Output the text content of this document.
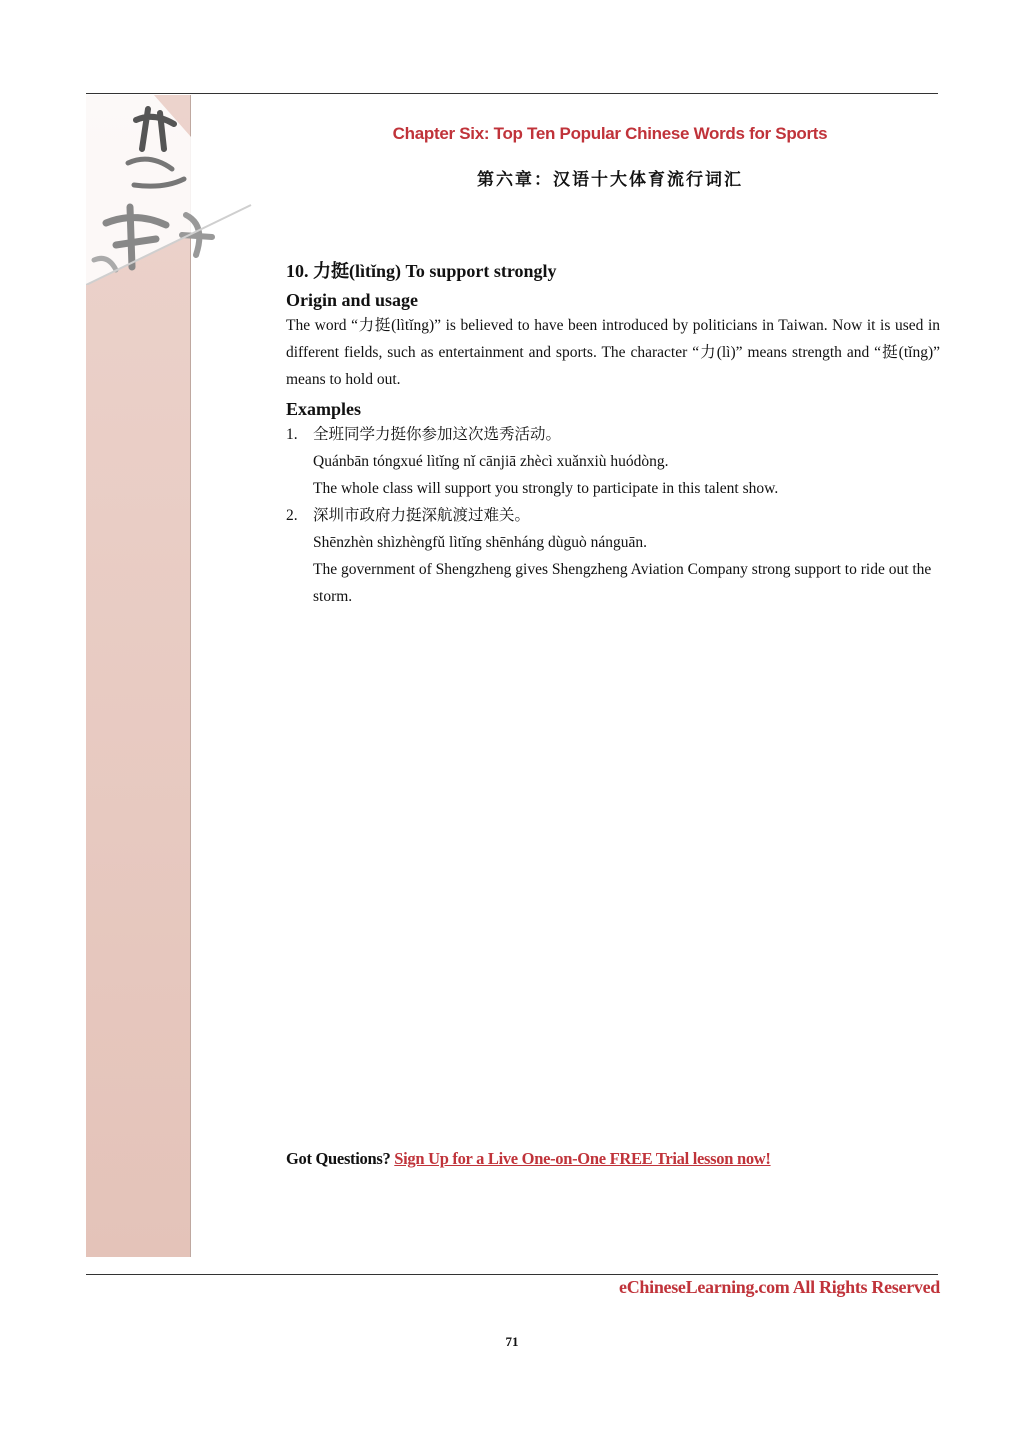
Chapter Six: Top Ten Popular Chinese Words for Sports
第六章：汉语十大体育流行词汇
10. 力挺(lìtǐng) To support strongly
Origin and usage

The word “力挺(lìtǐng)” is believed to have been introduced by politicians in Taiwan. Now it is used in different fields, such as entertainment and sports. The character “力(lì)” means strength and “挺(tǐng)” means to hold out.

Examples
1. 全班同学力挺你参加这次选秀活动。
Quánbān tóngxué lìtǐng nǐ cānjiā zhècì xuǎnxiù huódòng.
The whole class will support you strongly to participate in this talent show.
2. 深圳市政府力挺深航渡过难关。
Shēnzhèn shìzhèngfǔ lìtǐng shēnháng dùguò nánguān.
The government of Shengzheng gives Shengzheng Aviation Company strong support to ride out the storm.
Got Questions? Sign Up for a Live One-on-One FREE Trial lesson now!
eChineseLearning.com All Rights Reserved
71
